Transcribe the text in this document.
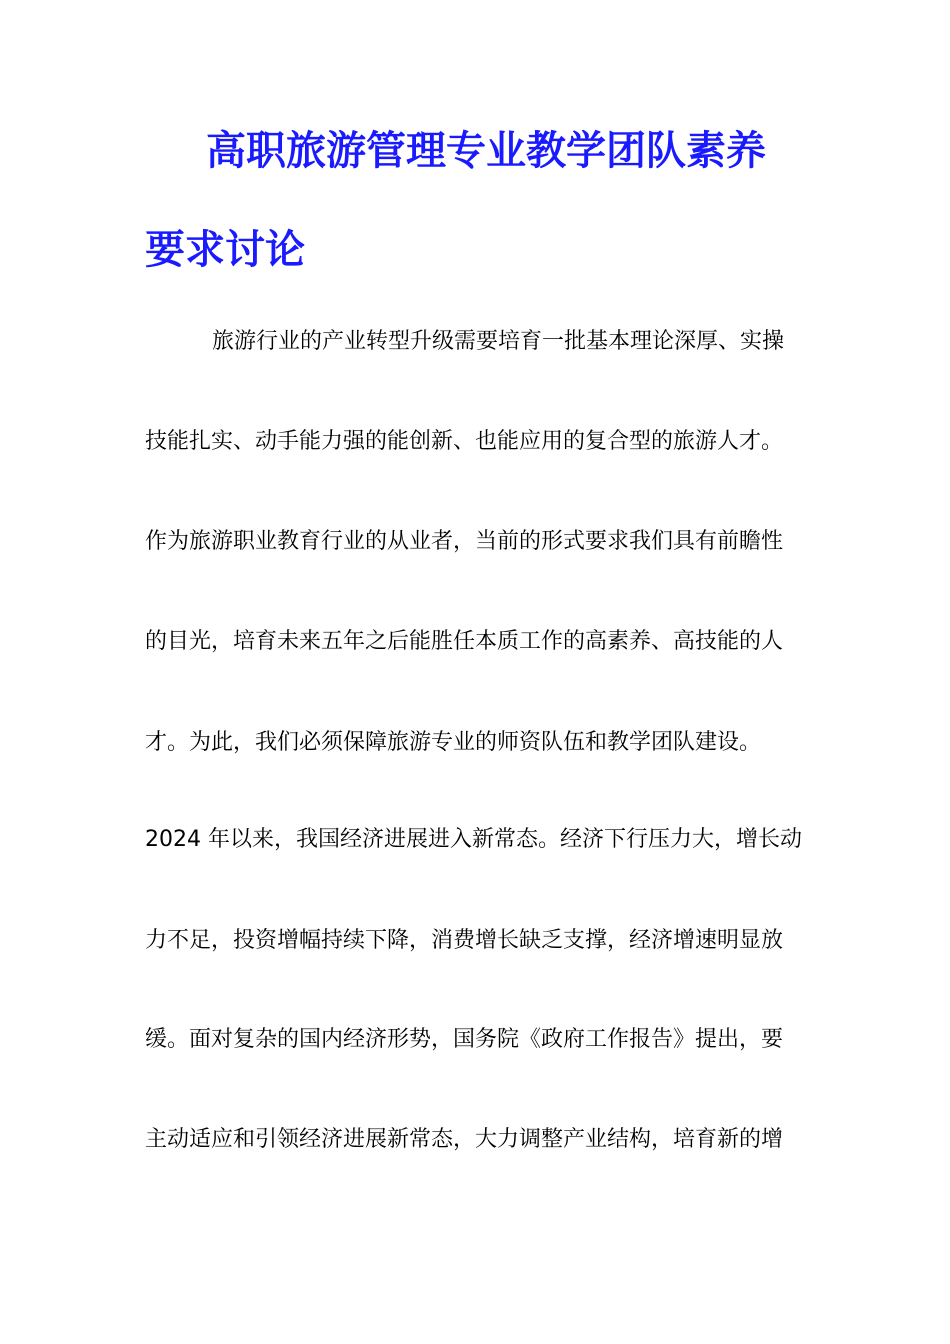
高职旅游管理专业教学团队素养
要求讨论
旅游行业的产业转型升级需要培育一批基本理论深厚、实操
技能扎实、动手能力强的能创新、也能应用的复合型的旅游人才。
作为旅游职业教育行业的从业者，当前的形式要求我们具有前瞻性
的目光，培育未来五年之后能胜任本质工作的高素养、高技能的人
才。为此，我们必须保障旅游专业的师资队伍和教学团队建设。
2024 年以来，我国经济进展进入新常态。经济下行压力大，增长动
力不足，投资增幅持续下降，消费增长缺乏支撑，经济增速明显放
缓。面对复杂的国内经济形势，国务院《政府工作报告》提出，要
主动适应和引领经济进展新常态，大力调整产业结构，培育新的增
